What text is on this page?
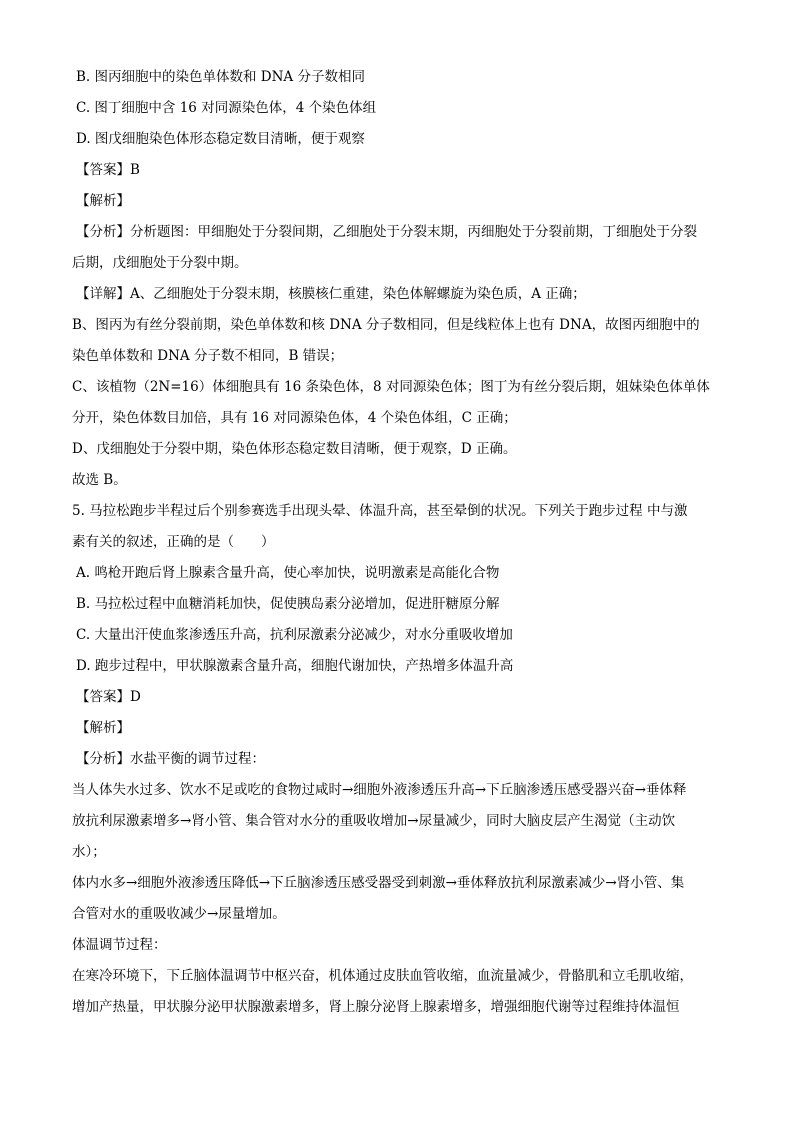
B. 图丙细胞中的染色单体数和 DNA 分子数相同
C. 图丁细胞中含 16 对同源染色体，4 个染色体组
D. 图戊细胞染色体形态稳定数目清晰，便于观察
【答案】B
【解析】
【分析】分析题图：甲细胞处于分裂间期，乙细胞处于分裂末期，丙细胞处于分裂前期，丁细胞处于分裂
后期，戊细胞处于分裂中期。
【详解】A、乙细胞处于分裂末期，核膜核仁重建，染色体解螺旋为染色质，A 正确；
B、图丙为有丝分裂前期，染色单体数和核 DNA 分子数相同，但是线粒体上也有 DNA，故图丙细胞中的
染色单体数和 DNA 分子数不相同，B 错误；
C、该植物（2N=16）体细胞具有 16 条染色体，8 对同源染色体；图丁为有丝分裂后期，姐妹染色体单体
分开，染色体数目加倍，具有 16 对同源染色体，4 个染色体组，C 正确；
D、戊细胞处于分裂中期，染色体形态稳定数目清晰，便于观察，D 正确。
故选 B。
5. 马拉松跑步半程过后个别参赛选手出现头晕、体温升高，甚至晕倒的状况。下列关于跑步过程 中与激
素有关的叙述，正确的是（　　）
A. 鸣枪开跑后肾上腺素含量升高，使心率加快，说明激素是高能化合物
B. 马拉松过程中血糖消耗加快，促使胰岛素分泌增加，促进肝糖原分解
C. 大量出汗使血浆渗透压升高，抗利尿激素分泌减少，对水分重吸收增加
D. 跑步过程中，甲状腺激素含量升高，细胞代谢加快，产热增多体温升高
【答案】D
【解析】
【分析】水盐平衡的调节过程：
当人体失水过多、饮水不足或吃的食物过咸时→细胞外液渗透压升高→下丘脑渗透压感受器兴奋→垂体释
放抗利尿激素增多→肾小管、集合管对水分的重吸收增加→尿量减少，同时大脑皮层产生渴觉（主动饮
水）；
体内水多→细胞外液渗透压降低→下丘脑渗透压感受器受到刺激→垂体释放抗利尿激素减少→肾小管、集
合管对水的重吸收减少→尿量增加。
体温调节过程：
在寒冷环境下，下丘脑体温调节中枢兴奋，机体通过皮肤血管收缩，血流量减少，骨骼肌和立毛肌收缩，
增加产热量，甲状腺分泌甲状腺激素增多，肾上腺分泌肾上腺素增多，增强细胞代谢等过程维持体温恒
